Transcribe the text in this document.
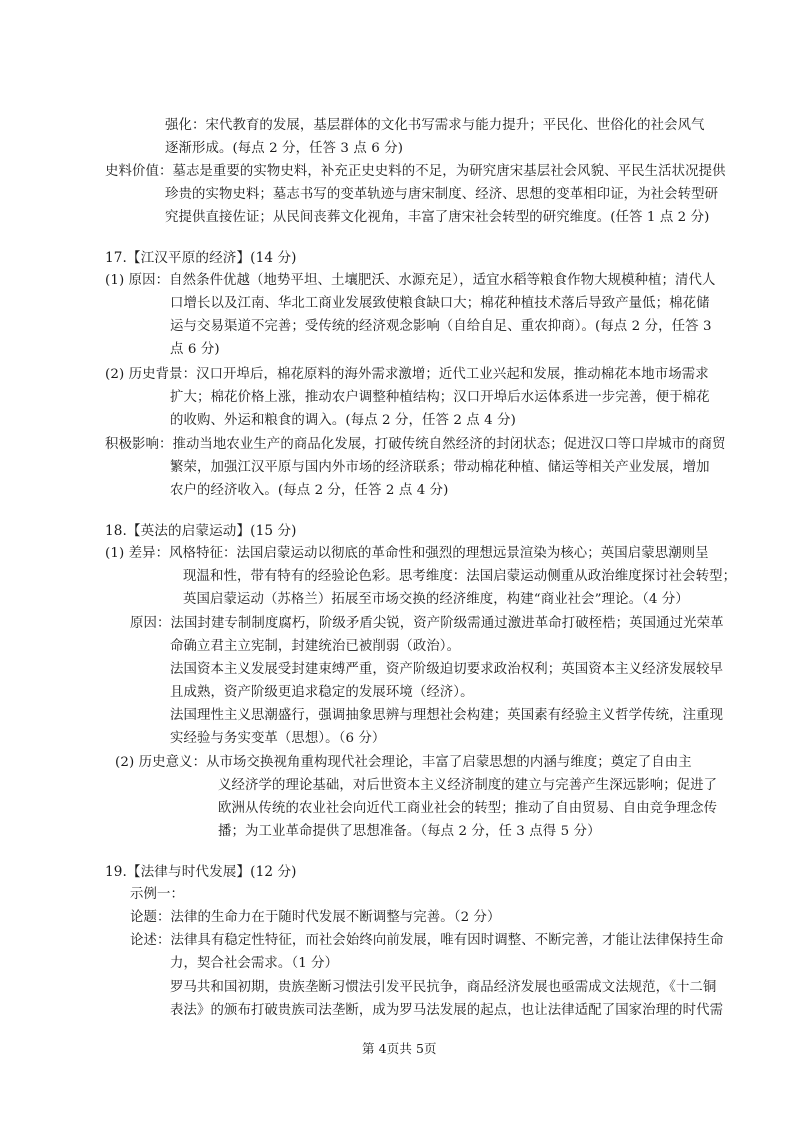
强化：宋代教育的发展，基层群体的文化书写需求与能力提升；平民化、世俗化的社会风气
逐渐形成。(每点 2 分，任答 3 点 6 分)
史料价值：墓志是重要的实物史料，补充正史史料的不足，为研究唐宋基层社会风貌、平民生活状况提供
珍贵的实物史料；墓志书写的变革轨迹与唐宋制度、经济、思想的变革相印证，为社会转型研
究提供直接佐证；从民间丧葬文化视角，丰富了唐宋社会转型的研究维度。(任答 1 点 2 分)
17.【江汉平原的经济】(14 分)
(1) 原因：自然条件优越（地势平坦、土壤肥沃、水源充足），适宜水稻等粮食作物大规模种植；清代人
口增长以及江南、华北工商业发展致使粮食缺口大；棉花种植技术落后导致产量低；棉花储
运与交易渠道不完善；受传统的经济观念影响（自给自足、重农抑商）。(每点 2 分，任答 3
点 6 分)
(2) 历史背景：汉口开埠后，棉花原料的海外需求激增；近代工业兴起和发展，推动棉花本地市场需求
扩大；棉花价格上涨，推动农户调整种植结构；汉口开埠后水运体系进一步完善，便于棉花
的收购、外运和粮食的调入。(每点 2 分，任答 2 点 4 分)
积极影响：推动当地农业生产的商品化发展，打破传统自然经济的封闭状态；促进汉口等口岸城市的商贸
繁荣，加强江汉平原与国内外市场的经济联系；带动棉花种植、储运等相关产业发展，增加
农户的经济收入。(每点 2 分，任答 2 点 4 分)
18.【英法的启蒙运动】(15 分)
(1) 差异：风格特征：法国启蒙运动以彻底的革命性和强烈的理想远景渲染为核心；英国启蒙思潮则呈
现温和性，带有特有的经验论色彩。思考维度：法国启蒙运动侧重从政治维度探讨社会转型；
英国启蒙运动（苏格兰）拓展至市场交换的经济维度，构建“商业社会”理论。（4 分）
原因：法国封建专制制度腐朽，阶级矛盾尖锐，资产阶级需通过激进革命打破桎梏；英国通过光荣革
命确立君主立宪制，封建统治已被削弱（政治）。
法国资本主义发展受封建束缚严重，资产阶级迫切要求政治权利；英国资本主义经济发展较早
且成熟，资产阶级更追求稳定的发展环境（经济）。
法国理性主义思潮盛行，强调抽象思辨与理想社会构建；英国素有经验主义哲学传统，注重现
实经验与务实变革（思想）。（6 分）
(2) 历史意义：从市场交换视角重构现代社会理论，丰富了启蒙思想的内涵与维度；奠定了自由主
义经济学的理论基础，对后世资本主义经济制度的建立与完善产生深远影响；促进了
欧洲从传统的农业社会向近代工商业社会的转型；推动了自由贸易、自由竞争理念传
播；为工业革命提供了思想准备。（每点 2 分，任 3 点得 5 分）
19.【法律与时代发展】(12 分)
示例一：
论题：法律的生命力在于随时代发展不断调整与完善。（2 分）
论述：法律具有稳定性特征，而社会始终向前发展，唯有因时调整、不断完善，才能让法律保持生命
力，契合社会需求。（1 分）
罗马共和国初期，贵族垄断习惯法引发平民抗争，商品经济发展也亟需成文法规范，《十二铜
表法》的颁布打破贵族司法垄断，成为罗马法发展的起点，也让法律适配了国家治理的时代需
第 4页共 5页
